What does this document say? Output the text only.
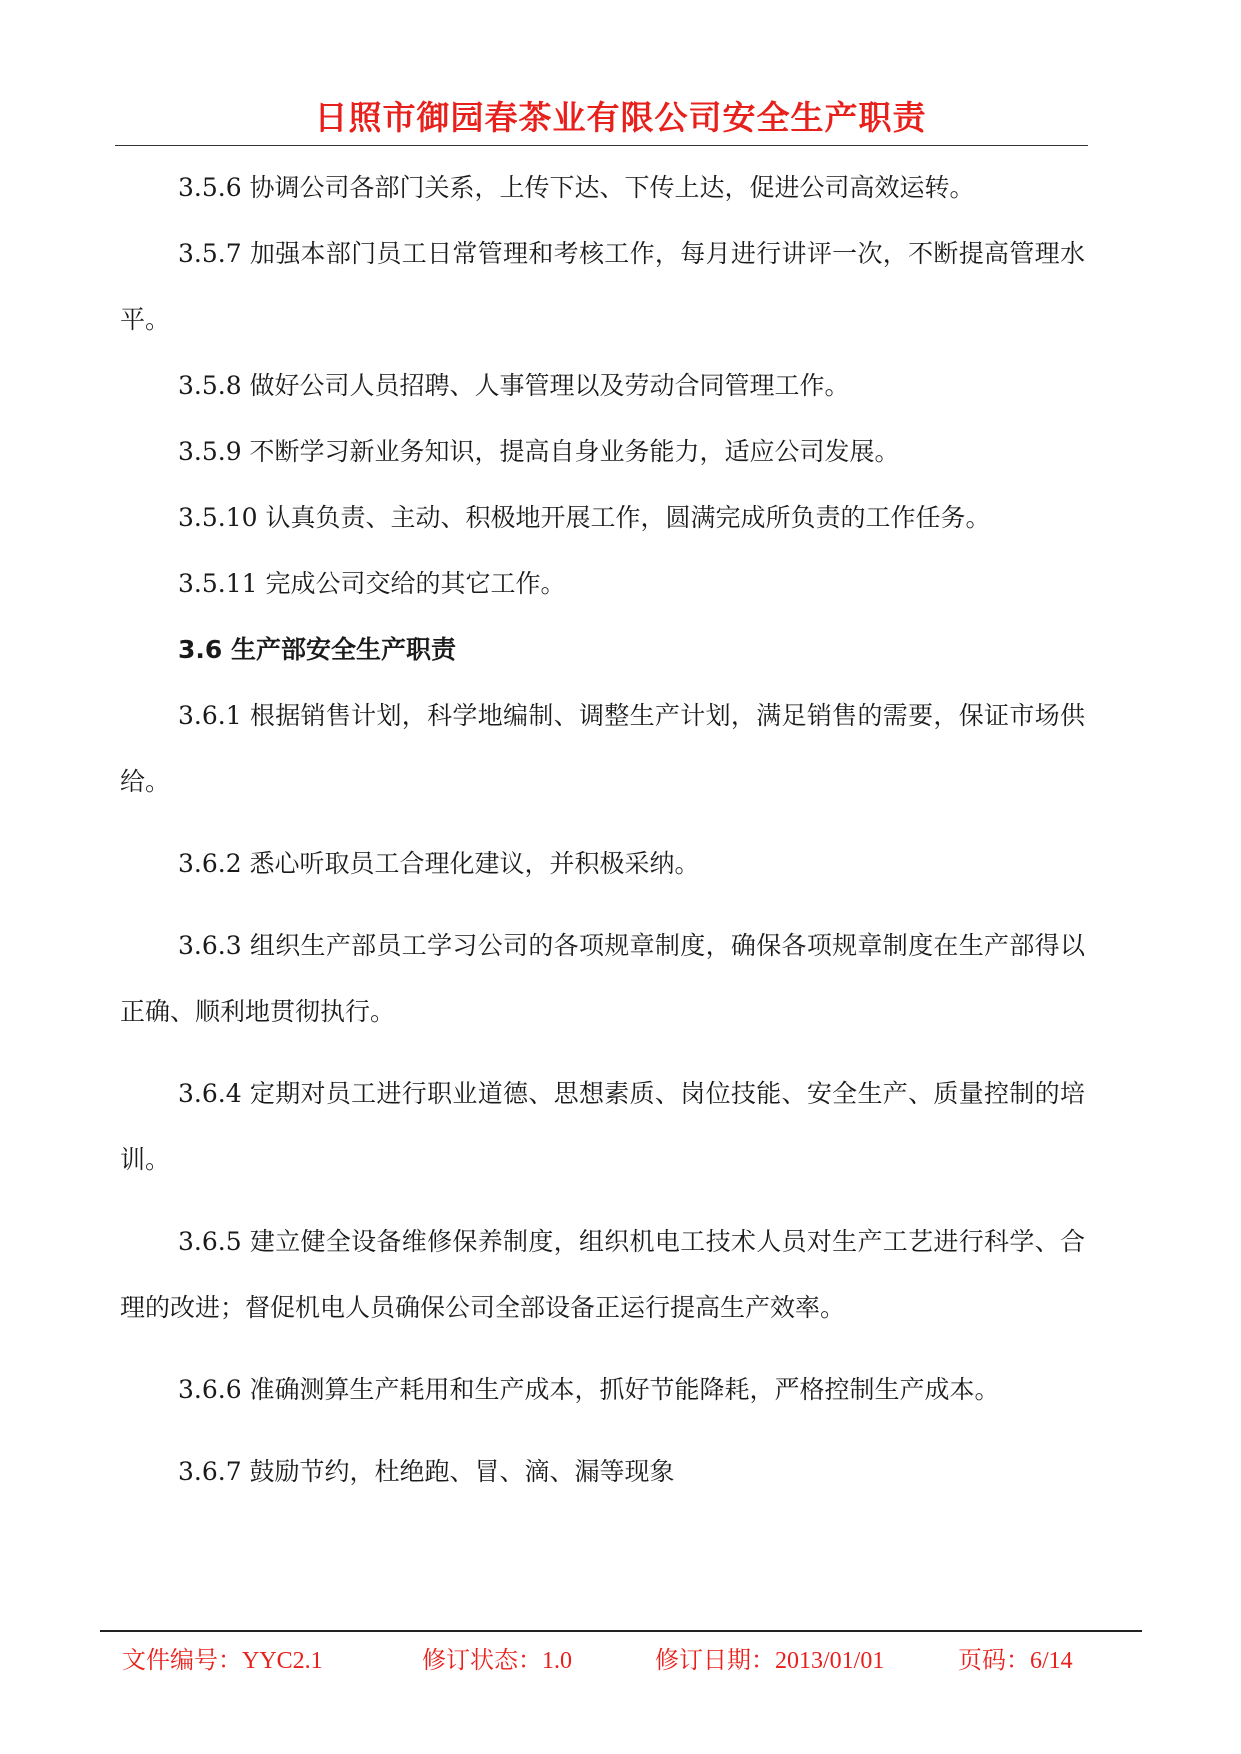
日照市御园春茶业有限公司安全生产职责

3.5.6 协调公司各部门关系，上传下达、下传上达，促进公司高效运转。

3.5.7 加强本部门员工日常管理和考核工作，每月进行讲评一次，不断提高管理水平。

3.5.8 做好公司人员招聘、人事管理以及劳动合同管理工作。

3.5.9 不断学习新业务知识，提高自身业务能力，适应公司发展。

3.5.10 认真负责、主动、积极地开展工作，圆满完成所负责的工作任务。

3.5.11 完成公司交给的其它工作。

3.6 生产部安全生产职责

3.6.1 根据销售计划，科学地编制、调整生产计划，满足销售的需要，保证市场供给。

3.6.2 悉心听取员工合理化建议，并积极采纳。

3.6.3 组织生产部员工学习公司的各项规章制度，确保各项规章制度在生产部得以正确、顺利地贯彻执行。

3.6.4 定期对员工进行职业道德、思想素质、岗位技能、安全生产、质量控制的培训。

3.6.5 建立健全设备维修保养制度，组织机电工技术人员对生产工艺进行科学、合理的改进；督促机电人员确保公司全部设备正运行提高生产效率。

3.6.6 准确测算生产耗用和生产成本，抓好节能降耗，严格控制生产成本。

3.6.7 鼓励节约，杜绝跑、冒、滴、漏等现象

文件编号：YYC2.1	修订状态：1.0	修订日期：2013/01/01	页码：6/14
